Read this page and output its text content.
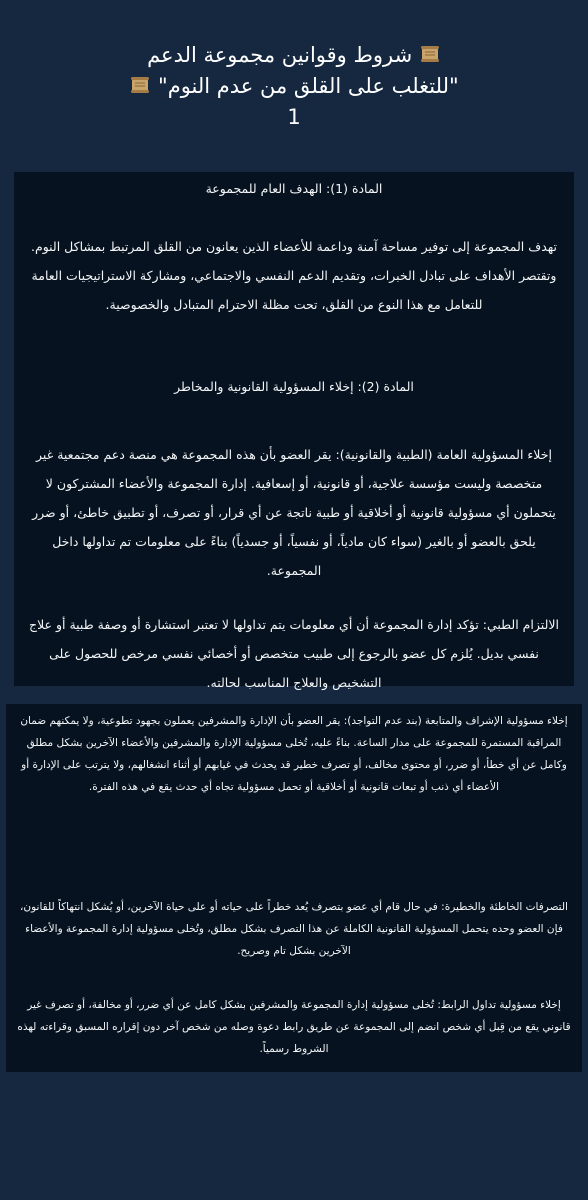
شروط وقوانين مجموعة الدعم
"للتغلب على القلق من عدم النوم"
1

المادة (1): الهدف العام للمجموعة

تهدف المجموعة إلى توفير مساحة آمنة وداعمة للأعضاء الذين يعانون من القلق المرتبط بمشاكل النوم. وتقتصر الأهداف على تبادل الخبرات، وتقديم الدعم النفسي والاجتماعي، ومشاركة الاستراتيجيات العامة للتعامل مع هذا النوع من القلق، تحت مظلة الاحترام المتبادل والخصوصية.

المادة (2): إخلاء المسؤولية القانونية والمخاطر

إخلاء المسؤولية العامة (الطبية والقانونية): يقر العضو بأن هذه المجموعة هي منصة دعم مجتمعية غير متخصصة وليست مؤسسة علاجية، أو قانونية، أو إسعافية. إدارة المجموعة والأعضاء المشتركون لا يتحملون أي مسؤولية قانونية أو أخلاقية أو طبية ناتجة عن أي قرار، أو تصرف، أو تطبيق خاطئ، أو ضرر يلحق بالعضو أو بالغير (سواء كان مادياً، أو نفسياً، أو جسدياً) بناءً على معلومات تم تداولها داخل المجموعة.

الالتزام الطبي: تؤكد إدارة المجموعة أن أي معلومات يتم تداولها لا تعتبر استشارة أو وصفة طبية أو علاج نفسي بديل. يُلزم كل عضو بالرجوع إلى طبيب متخصص أو أخصائي نفسي مرخص للحصول على التشخيص والعلاج المناسب لحالته.

إخلاء مسؤولية الإشراف والمتابعة (بند عدم التواجد): يقر العضو بأن الإدارة والمشرفين يعملون بجهود تطوعية، ولا يمكنهم ضمان المراقبة المستمرة للمجموعة على مدار الساعة. بناءً عليه، تُخلى مسؤولية الإدارة والمشرفين والأعضاء الآخرين بشكل مطلق وكامل عن أي خطأ، أو ضرر، أو محتوى مخالف، أو تصرف خطير قد يحدث في غيابهم أو أثناء انشغالهم، ولا يترتب على الإدارة أو الأعضاء أي ذنب أو تبعات قانونية أو أخلاقية أو تحمل مسؤولية تجاه أي حدث يقع في هذه الفترة.

التصرفات الخاطئة والخطيرة: في حال قام أي عضو بتصرف يُعد خطراً على حياته أو على حياة الآخرين، أو يُشكل انتهاكاً للقانون، فإن العضو وحده يتحمل المسؤولية القانونية الكاملة عن هذا التصرف بشكل مطلق، وتُخلى مسؤولية إدارة المجموعة والأعضاء الآخرين بشكل تام وصريح.

إخلاء مسؤولية تداول الرابط: تُخلى مسؤولية إدارة المجموعة والمشرفين بشكل كامل عن أي ضرر، أو مخالفة، أو تصرف غير قانوني يقع من قِبل أي شخص انضم إلى المجموعة عن طريق رابط دعوة وصله من شخص آخر دون إقراره المسبق وقراءته لهذه الشروط رسمياً.
